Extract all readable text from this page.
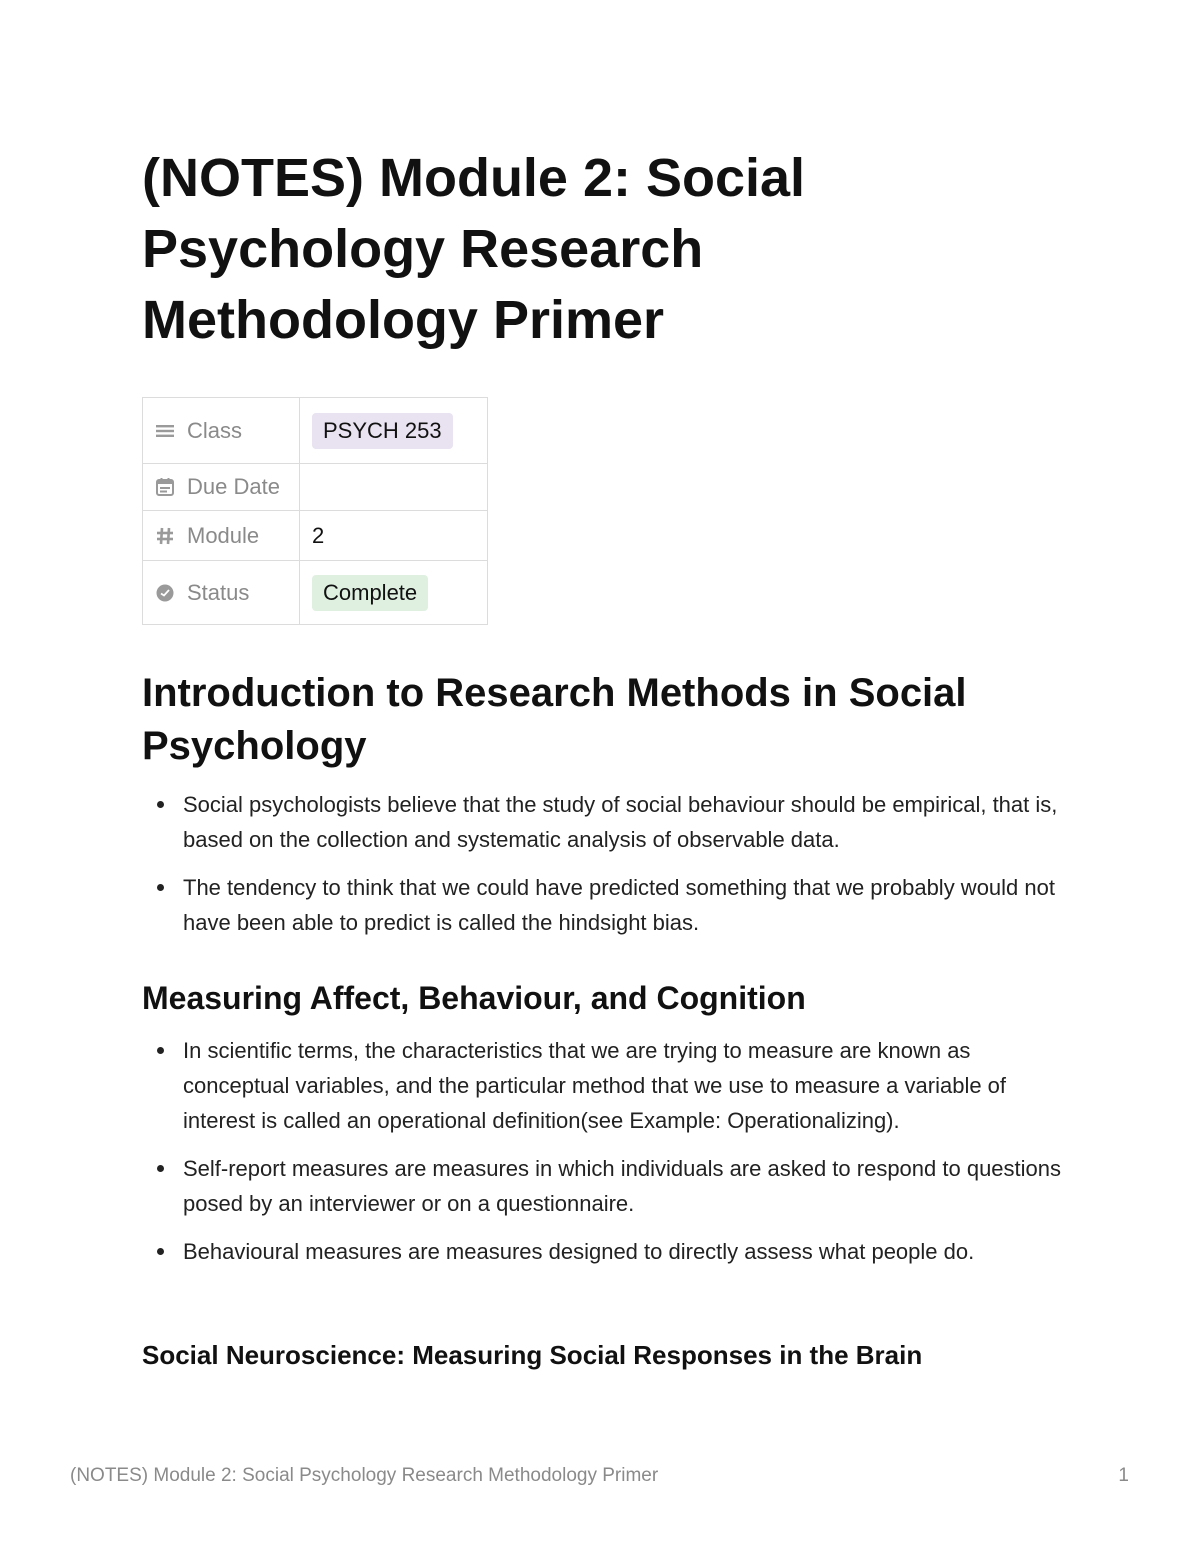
(NOTES) Module 2: Social Psychology Research Methodology Primer
Class	PSYCH 253

Due Date	

Module	2

Status	Complete
Introduction to Research Methods in Social Psychology
Social psychologists believe that the study of social behaviour should be empirical, that is, based on the collection and systematic analysis of observable data.
The tendency to think that we could have predicted something that we probably would not have been able to predict is called the hindsight bias.
Measuring Affect, Behaviour, and Cognition
In scientific terms, the characteristics that we are trying to measure are known as conceptual variables, and the particular method that we use to measure a variable of interest is called an operational definition(see Example: Operationalizing).
Self-report measures are measures in which individuals are asked to respond to questions posed by an interviewer or on a questionnaire.
Behavioural measures are measures designed to directly assess what people do.
Social Neuroscience: Measuring Social Responses in the Brain
(NOTES) Module 2: Social Psychology Research Methodology Primer	1
